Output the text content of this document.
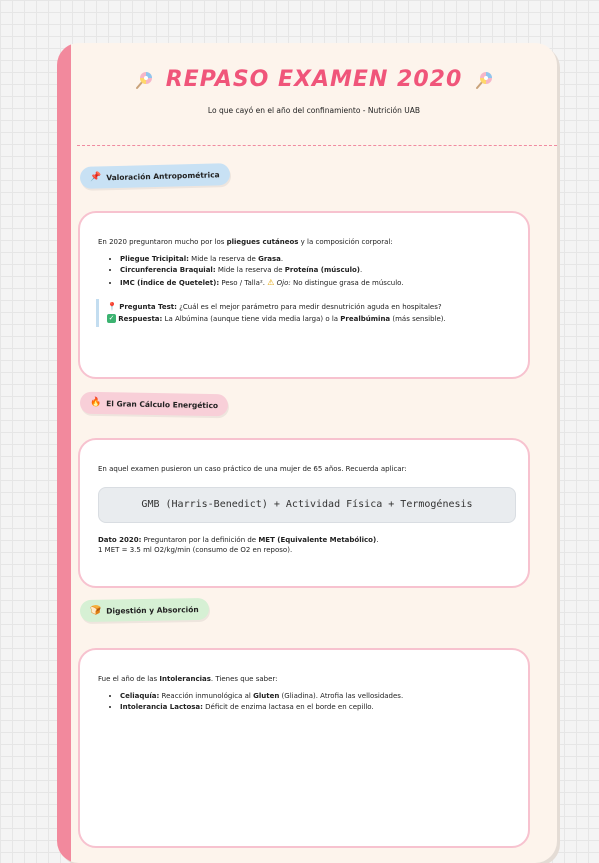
REPASO EXAMEN 2020
Lo que cayó en el año del confinamiento - Nutrición UAB
📌 Valoración Antropométrica

En 2020 preguntaron mucho por los pliegues cutáneos y la composición corporal:

• Pliegue Tricipital: Mide la reserva de Grasa.
• Circunferencia Braquial: Mide la reserva de Proteína (músculo).
• IMC (Índice de Quetelet): Peso / Talla². ⚠ Ojo: No distingue grasa de músculo.
📍 Pregunta Test: ¿Cuál es el mejor parámetro para medir desnutrición aguda en hospitales?
✓ Respuesta: La Albúmina (aunque tiene vida media larga) o la Prealbúmina (más sensible).
🔥 El Gran Cálculo Energético

En aquel examen pusieron un caso práctico de una mujer de 65 años. Recuerda aplicar:

GMB (Harris-Benedict) + Actividad Física + Termogénesis

Dato 2020: Preguntaron por la definición de MET (Equivalente Metabólico).

1 MET = 3.5 ml O2/kg/min (consumo de O2 en reposo).

🍞 Digestión y Absorción

Fue el año de las Intolerancias. Tienes que saber:

• Celiaquía: Reacción inmunológica al Gluten (Gliadina). Atrofia las vellosidades.
• Intolerancia Lactosa: Déficit de enzima lactasa en el borde en cepillo.
